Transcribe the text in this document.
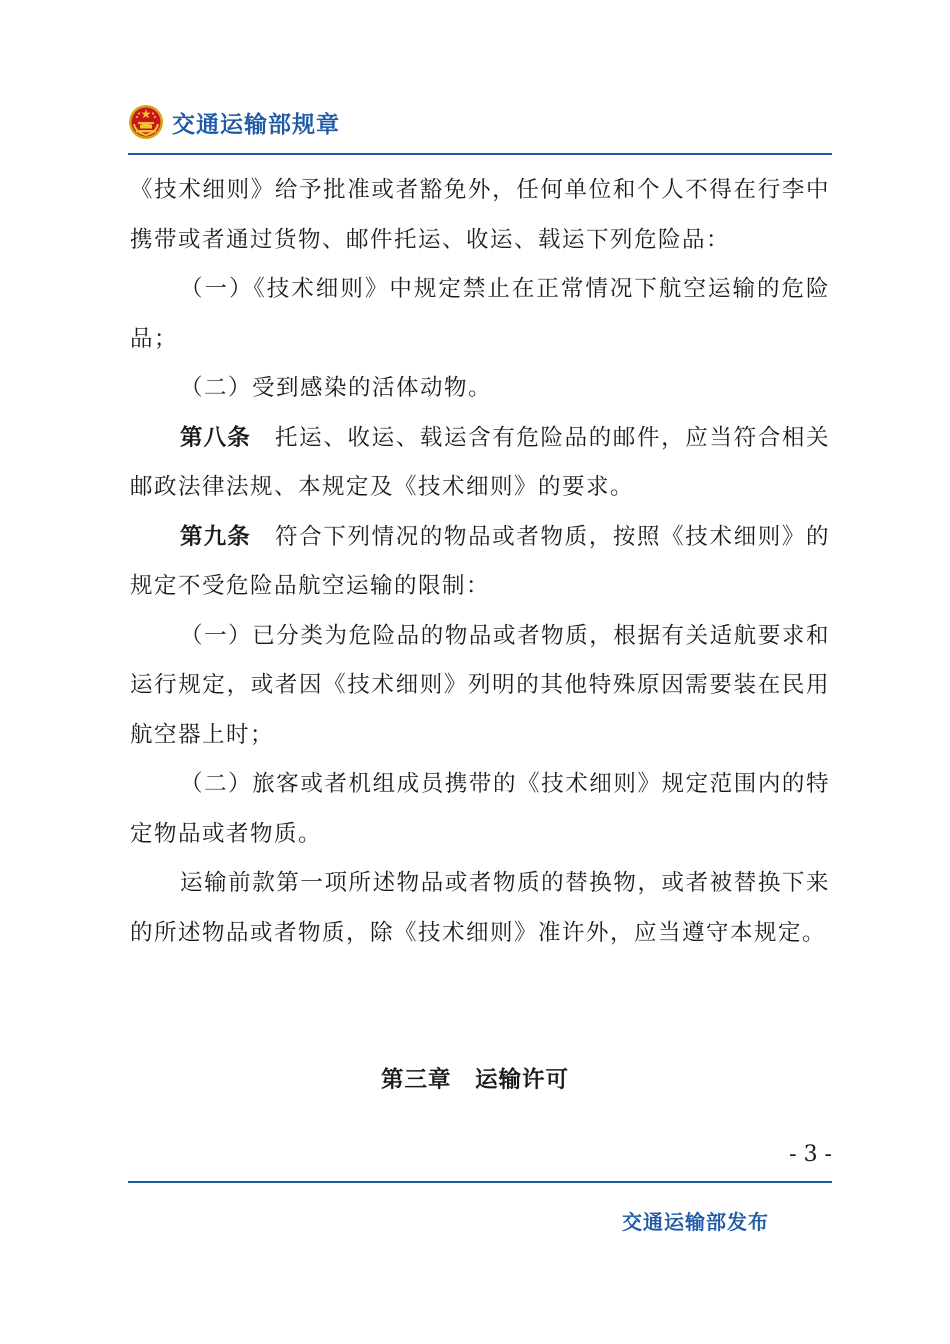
交通运输部规章

《技术细则》给予批准或者豁免外，任何单位和个人不得在行李中携带或者通过货物、邮件托运、收运、载运下列危险品：

（一）《技术细则》中规定禁止在正常情况下航空运输的危险品；

（二）受到感染的活体动物。

第八条　 托运、收运、载运含有危险品的邮件，应当符合相关邮政法律法规、本规定及《技术细则》的要求。

第九条　 符合下列情况的物品或者物质，按照《技术细则》的规定不受危险品航空运输的限制：

（一）已分类为危险品的物品或者物质，根据有关适航要求和运行规定，或者因《技术细则》列明的其他特殊原因需要装在民用航空器上时；

（二）旅客或者机组成员携带的《技术细则》规定范围内的特定物品或者物质。

运输前款第一项所述物品或者物质的替换物，或者被替换下来的所述物品或者物质，除《技术细则》准许外，应当遵守本规定。

第三章　运输许可
- 3 -
交通运输部发布
